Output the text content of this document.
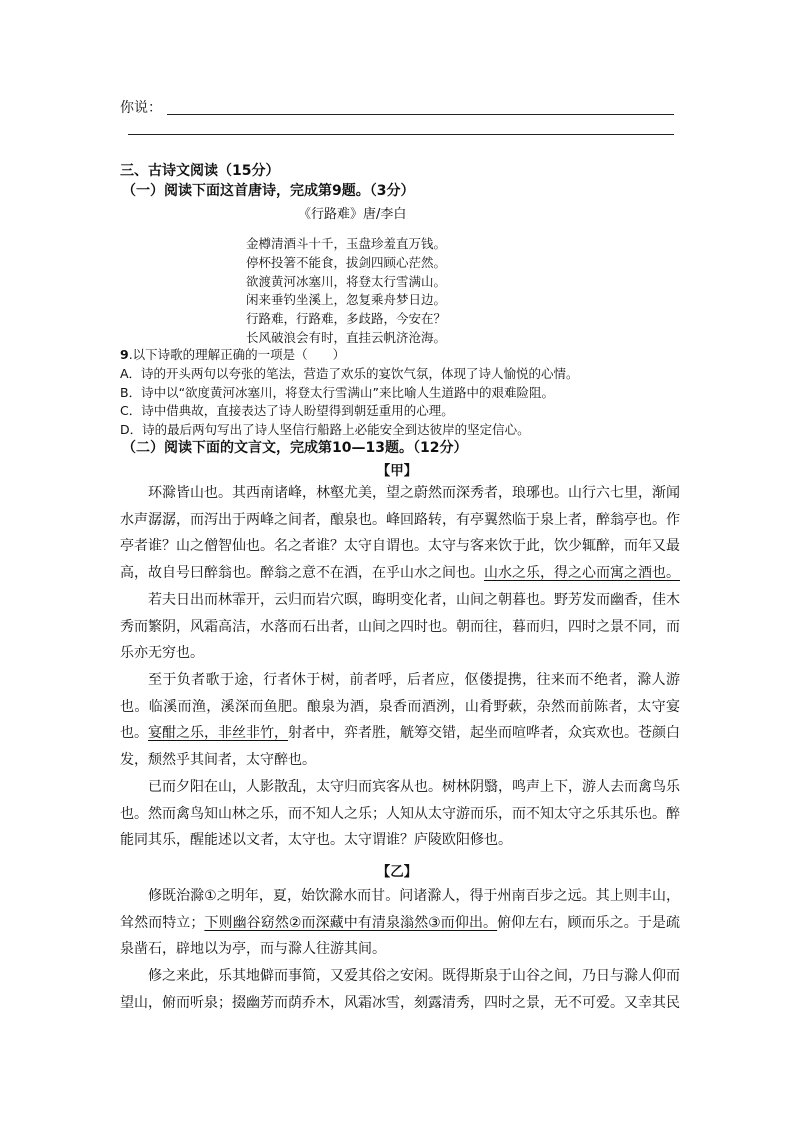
你说：
三、古诗文阅读（15分）
（一）阅读下面这首唐诗，完成第9题。（3分）
《行路难》唐/李白
金樽清酒斗十千，玉盘珍羞直万钱。
停杯投箸不能食，拔剑四顾心茫然。
欲渡黄河冰塞川，将登太行雪满山。
闲来垂钓坐溪上，忽复乘舟梦日边。
行路难，行路难，多歧路，今安在？
长风破浪会有时，直挂云帆济沧海。
9.以下诗歌的理解正确的一项是（　　）
A．诗的开头两句以夸张的笔法，营造了欢乐的宴饮气氛，体现了诗人愉悦的心情。
B．诗中以“欲度黄河冰塞川，将登太行雪满山”来比喻人生道路中的艰难险阻。
C．诗中借典故，直接表达了诗人盼望得到朝廷重用的心理。
D．诗的最后两句写出了诗人坚信行船路上必能安全到达彼岸的坚定信心。
（二）阅读下面的文言文，完成第10—13题。（12分）
【甲】
环滁皆山也。其西南诸峰，林壑尤美，望之蔚然而深秀者，琅琊也。山行六七里，渐闻水声潺潺，而泻出于两峰之间者，酿泉也。峰回路转，有亭翼然临于泉上者，醉翁亭也。作亭者谁？山之僧智仙也。名之者谁？太守自谓也。太守与客来饮于此，饮少辄醉，而年又最高，故自号曰醉翁也。醉翁之意不在酒，在乎山水之间也。山水之乐，得之心而寓之酒也。
若夫日出而林霏开，云归而岩穴暝，晦明变化者，山间之朝暮也。野芳发而幽香，佳木秀而繁阴，风霜高洁，水落而石出者，山间之四时也。朝而往，暮而归，四时之景不同，而乐亦无穷也。
至于负者歌于途，行者休于树，前者呼，后者应，伛偻提携，往来而不绝者，滁人游也。临溪而渔，溪深而鱼肥。酿泉为酒，泉香而酒洌，山肴野蔌，杂然而前陈者，太守宴也。宴酣之乐，非丝非竹，射者中，弈者胜，觥筹交错，起坐而喧哗者，众宾欢也。苍颜白发，颓然乎其间者，太守醉也。
已而夕阳在山，人影散乱，太守归而宾客从也。树林阴翳，鸣声上下，游人去而禽鸟乐也。然而禽鸟知山林之乐，而不知人之乐；人知从太守游而乐，而不知太守之乐其乐也。醉能同其乐，醒能述以文者，太守也。太守谓谁？庐陵欧阳修也。
【乙】
修既治滁①之明年，夏，始饮滁水而甘。问诸滁人，得于州南百步之远。其上则丰山，耸然而特立；下则幽谷窈然②而深藏中有清泉滃然③而仰出。俯仰左右，顾而乐之。于是疏泉凿石，辟地以为亭，而与滁人往游其间。
修之来此，乐其地僻而事简，又爱其俗之安闲。既得斯泉于山谷之间，乃日与滁人仰而望山，俯而听泉；掇幽芳而荫乔木，风霜冰雪，刻露清秀，四时之景，无不可爱。又幸其民
